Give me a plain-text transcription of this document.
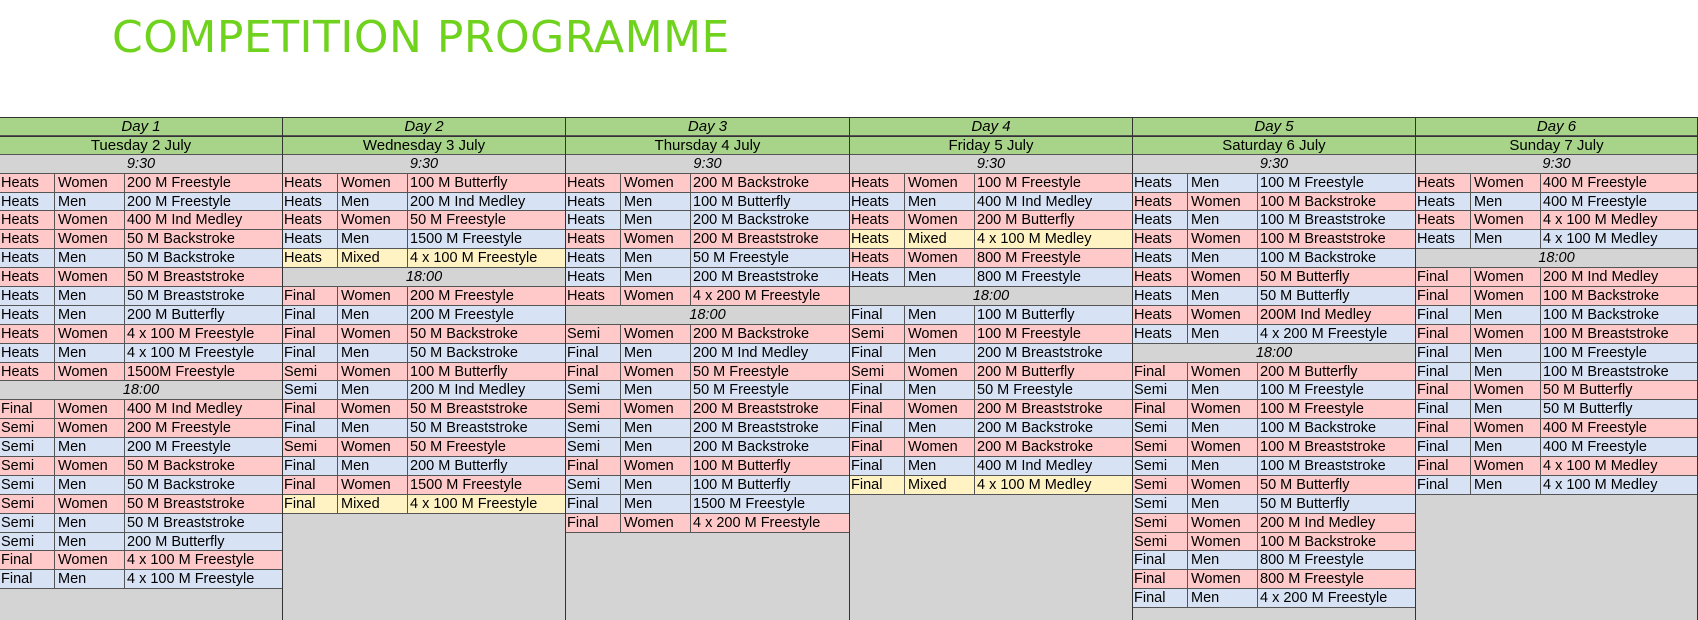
COMPETITION PROGRAMME
Day 1
Tuesday 2 July
9:30
Heats	Women	200 M Freestyle
Heats	Men	200 M Freestyle
Heats	Women	400 M Ind Medley
Heats	Women	50 M Backstroke
Heats	Men	50 M Backstroke
Heats	Women	50 M Breaststroke
Heats	Men	50 M Breaststroke
Heats	Men	200 M Butterfly
Heats	Women	4 x 100 M Freestyle
Heats	Men	4 x 100 M Freestyle
Heats	Women	1500M Freestyle
18:00
Final	Women	400 M Ind Medley
Semi	Women	200 M Freestyle
Semi	Men	200 M Freestyle
Semi	Women	50 M Backstroke
Semi	Men	50 M Backstroke
Semi	Women	50 M Breaststroke
Semi	Men	50 M Breaststroke
Semi	Men	200 M Butterfly
Final	Women	4 x 100 M Freestyle
Final	Men	4 x 100 M Freestyle
Day 2
Wednesday 3 July
9:30
Heats	Women	100 M Butterfly
Heats	Men	200 M Ind Medley
Heats	Women	50 M Freestyle
Heats	Men	1500 M Freestyle
Heats	Mixed	4 x 100 M Freestyle
18:00
Final	Women	200 M Freestyle
Final	Men	200 M Freestyle
Final	Women	50 M Backstroke
Final	Men	50 M Backstroke
Semi	Women	100 M Butterfly
Semi	Men	200 M Ind Medley
Final	Women	50 M Breaststroke
Final	Men	50 M Breaststroke
Semi	Women	50 M Freestyle
Final	Men	200 M Butterfly
Final	Women	1500 M Freestyle
Final	Mixed	4 x 100 M Freestyle
Day 3
Thursday 4 July
9:30
Heats	Women	200 M Backstroke
Heats	Men	100 M Butterfly
Heats	Men	200 M Backstroke
Heats	Women	200 M Breaststroke
Heats	Men	50 M Freestyle
Heats	Men	200 M Breaststroke
Heats	Women	4 x 200 M Freestyle
18:00
Semi	Women	200 M Backstroke
Final	Men	200 M Ind Medley
Final	Women	50 M Freestyle
Semi	Men	50 M Freestyle
Semi	Women	200 M Breaststroke
Semi	Men	200 M Breaststroke
Semi	Men	200 M Backstroke
Final	Women	100 M Butterfly
Semi	Men	100 M Butterfly
Final	Men	1500 M Freestyle
Final	Women	4 x 200 M Freestyle
Day 4
Friday 5 July
9:30
Heats	Women	100 M Freestyle
Heats	Men	400 M Ind Medley
Heats	Women	200 M Butterfly
Heats	Mixed	4 x 100 M Medley
Heats	Women	800 M Freestyle
Heats	Men	800 M Freestyle
18:00
Final	Men	100 M Butterfly
Semi	Women	100 M Freestyle
Final	Men	200 M Breaststroke
Semi	Women	200 M Butterfly
Final	Men	50 M Freestyle
Final	Women	200 M Breaststroke
Final	Men	200 M Backstroke
Final	Women	200 M Backstroke
Final	Men	400 M Ind Medley
Final	Mixed	4 x 100 M Medley
Day 5
Saturday 6 July
9:30
Heats	Men	100 M Freestyle
Heats	Women	100 M Backstroke
Heats	Men	100 M Breaststroke
Heats	Women	100 M Breaststroke
Heats	Men	100 M Backstroke
Heats	Women	50 M Butterfly
Heats	Men	50 M Butterfly
Heats	Women	200M Ind Medley
Heats	Men	4 x 200 M Freestyle
18:00
Final	Women	200 M Butterfly
Semi	Men	100 M Freestyle
Final	Women	100 M Freestyle
Semi	Men	100 M Backstroke
Semi	Women	100 M Breaststroke
Semi	Men	100 M Breaststroke
Semi	Women	50 M Butterfly
Semi	Men	50 M Butterfly
Semi	Women	200 M Ind Medley
Semi	Women	100 M Backstroke
Final	Men	800 M Freestyle
Final	Women	800 M Freestyle
Final	Men	4 x 200 M Freestyle
Day 6
Sunday 7 July
9:30
Heats	Women	400 M Freestyle
Heats	Men	400 M Freestyle
Heats	Women	4 x 100 M Medley
Heats	Men	4 x 100 M Medley
18:00
Final	Women	200 M Ind Medley
Final	Women	100 M Backstroke
Final	Men	100 M Backstroke
Final	Women	100 M Breaststroke
Final	Men	100 M Freestyle
Final	Men	100 M Breaststroke
Final	Women	50 M Butterfly
Final	Men	50 M Butterfly
Final	Women	400 M Freestyle
Final	Men	400 M Freestyle
Final	Women	4 x 100 M Medley
Final	Men	4 x 100 M Medley
